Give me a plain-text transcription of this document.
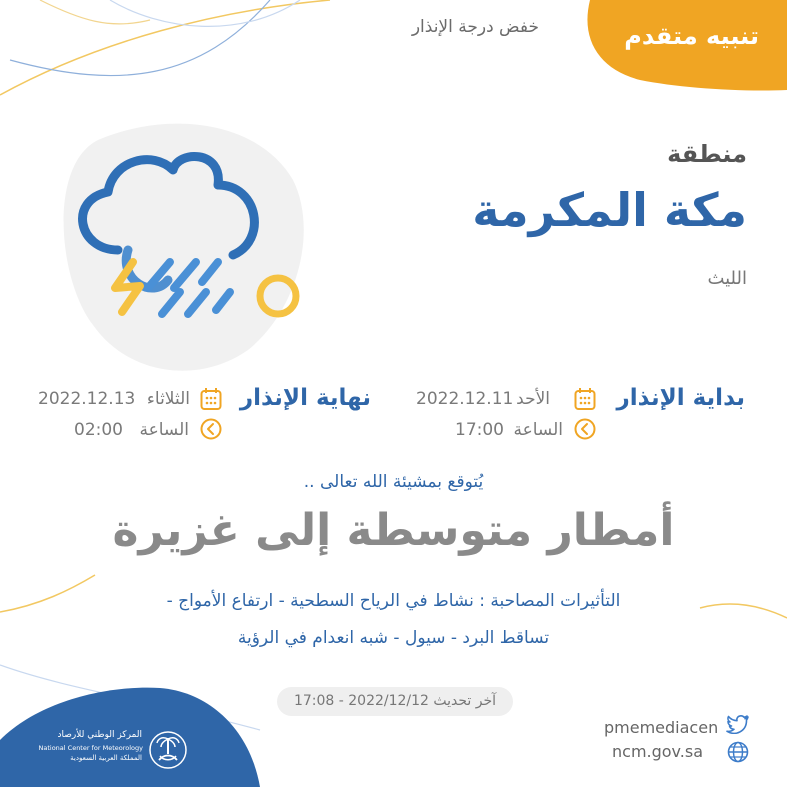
تنبيه متقدم
خفض درجة الإنذار
منطقة
مكة المكرمة
الليث
بداية الإنذار
الأحد
2022.12.11
الساعة
17:00
نهاية الإنذار
الثلاثاء
2022.12.13
الساعة
02:00
يُتوقع بمشيئة الله تعالى ..
أمطار متوسطة إلى غزيرة
التأثيرات المصاحبة : نشاط في الرياح السطحية - ارتفاع الأمواج -
تساقط البرد - سيول - شبه انعدام في الرؤية
آخر تحديث 2022/12/12 - 17:08
المركز الوطني للأرصاد
National Center for Meteorology
المملكة العربية السعودية
pmemediacen
ncm.gov.sa
